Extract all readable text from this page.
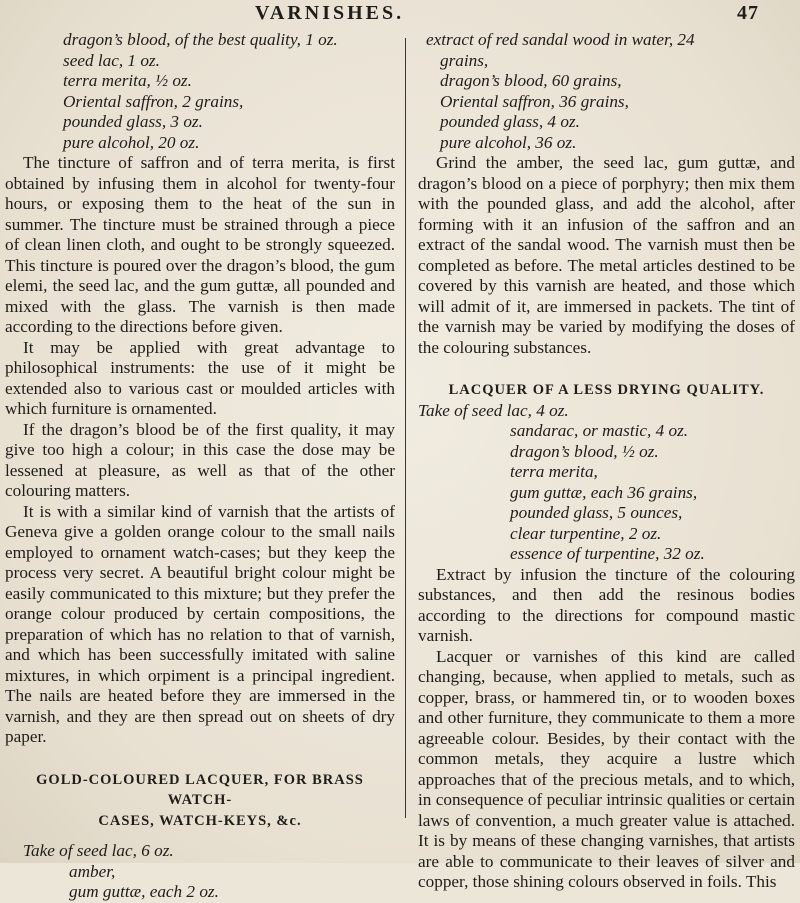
VARNISHES.	47
dragon’s blood, of the best quality, 1 oz.
seed lac, 1 oz.
terra merita, ½ oz.
Oriental saffron, 2 grains,
pounded glass, 3 oz.
pure alcohol, 20 oz.

The tincture of saffron and of terra merita, is first obtained by infusing them in alcohol for twenty-four hours, or exposing them to the heat of the sun in summer. The tincture must be strained through a piece of clean linen cloth, and ought to be strongly squeezed. This tincture is poured over the dragon’s blood, the gum elemi, the seed lac, and the gum guttæ, all pounded and mixed with the glass. The varnish is then made according to the directions before given.

It may be applied with great advantage to philosophical instruments: the use of it might be extended also to various cast or moulded articles with which furniture is ornamented.

If the dragon’s blood be of the first quality, it may give too high a colour; in this case the dose may be lessened at pleasure, as well as that of the other colouring matters.

It is with a similar kind of varnish that the artists of Geneva give a golden orange colour to the small nails employed to ornament watch-cases; but they keep the process very secret. A beautiful bright colour might be easily communicated to this mixture; but they prefer the orange colour produced by certain compositions, the preparation of which has no relation to that of varnish, and which has been successfully imitated with saline mixtures, in which orpiment is a principal ingredient. The nails are heated before they are immersed in the varnish, and they are then spread out on sheets of dry paper.

GOLD-COLOURED LACQUER, FOR BRASS WATCH-
CASES, WATCH-KEYS, &c.

Take of seed lac, 6 oz.
amber,
gum guttæ, each 2 oz.
extract of red sandal wood in water, 24
grains,
dragon’s blood, 60 grains,
Oriental saffron, 36 grains,
pounded glass, 4 oz.
pure alcohol, 36 oz.

Grind the amber, the seed lac, gum guttæ, and dragon’s blood on a piece of porphyry; then mix them with the pounded glass, and add the alcohol, after forming with it an infusion of the saffron and an extract of the sandal wood. The varnish must then be completed as before. The metal articles destined to be covered by this varnish are heated, and those which will admit of it, are immersed in packets. The tint of the varnish may be varied by modifying the doses of the colouring substances.

LACQUER OF A LESS DRYING QUALITY.

Take of seed lac, 4 oz.
sandarac, or mastic, 4 oz.
dragon’s blood, ½ oz.
terra merita,
gum guttæ, each 36 grains,
pounded glass, 5 ounces,
clear turpentine, 2 oz.
essence of turpentine, 32 oz.

Extract by infusion the tincture of the colouring substances, and then add the resinous bodies according to the directions for compound mastic varnish.

Lacquer or varnishes of this kind are called changing, because, when applied to metals, such as copper, brass, or hammered tin, or to wooden boxes and other furniture, they communicate to them a more agreeable colour. Besides, by their contact with the common metals, they acquire a lustre which approaches that of the precious metals, and to which, in consequence of peculiar intrinsic qualities or certain laws of convention, a much greater value is attached. It is by means of these changing varnishes, that artists are able to communicate to their leaves of silver and copper, those shining colours observed in foils. This
